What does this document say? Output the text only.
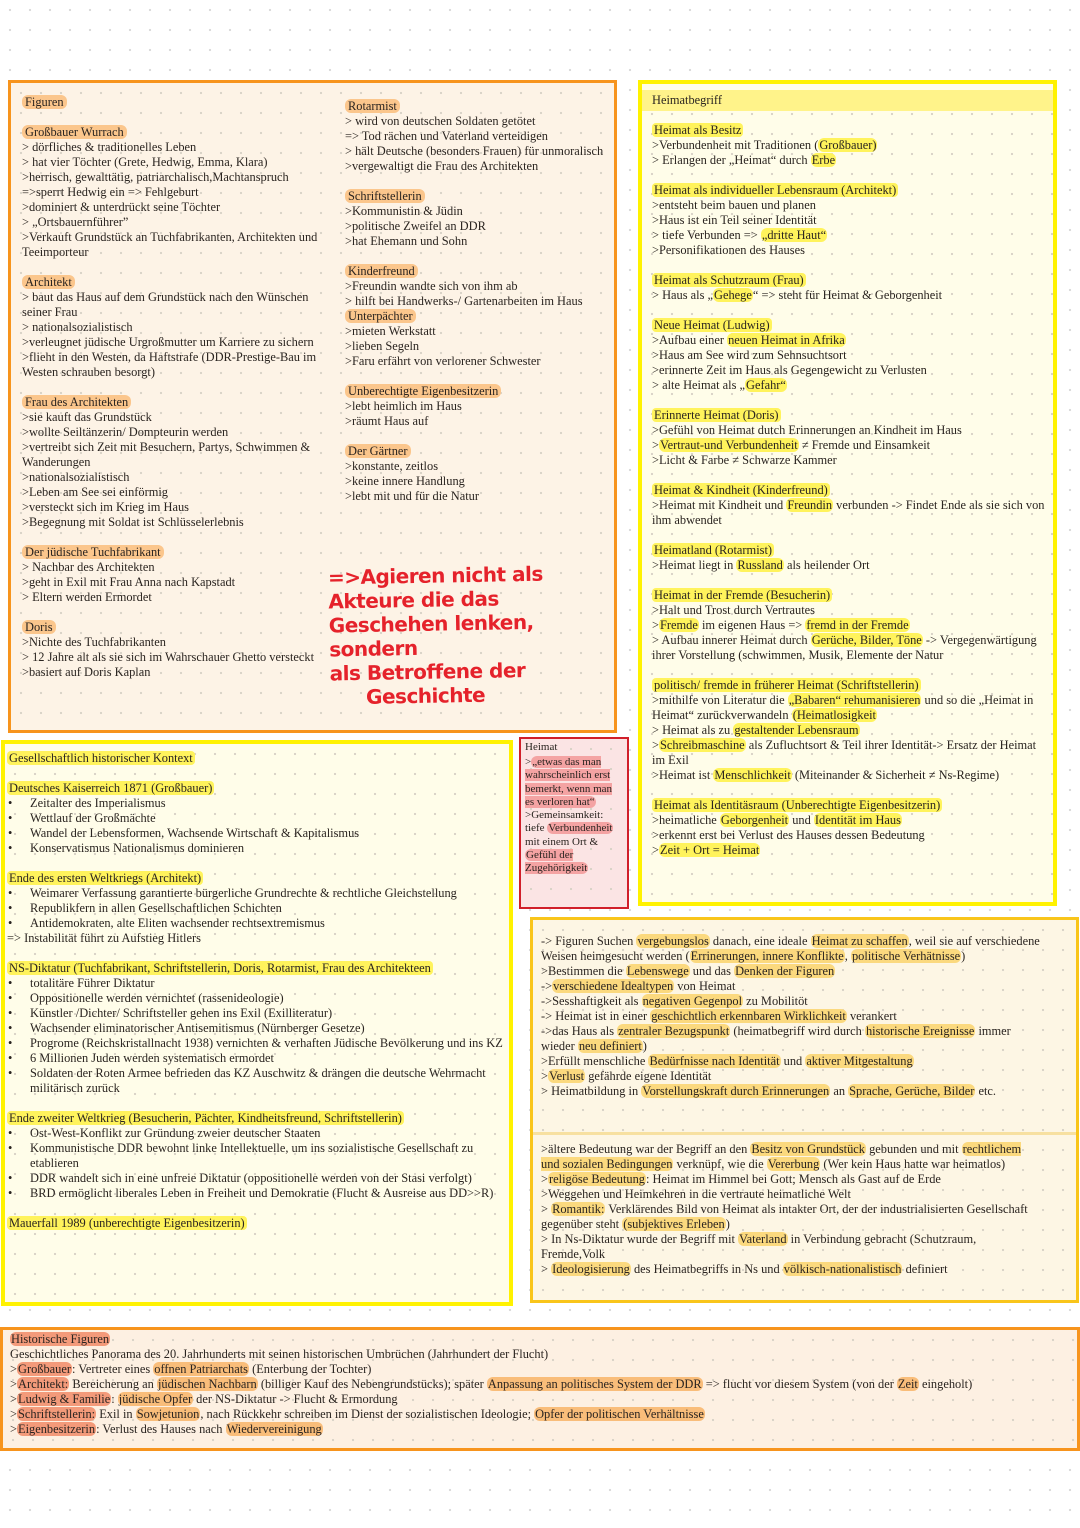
Figuren
Großbauer Wurrach
> dörfliches & traditionelles Leben
> hat vier Töchter (Grete, Hedwig, Emma, Klara)
>herrisch, gewalttätig, patriarchalisch,Machtanspruch
=>sperrt Hedwig ein => Fehlgeburt
>dominiert & unterdrückt seine Töchter
> „Ortsbauernführer”
>Verkauft Grundstück an Tuchfabrikanten, Architekten und Teeimporteur
Architekt
> baut das Haus auf dem Grundstück nach den Wünschen seiner Frau
> nationalsozialistisch
>verleugnet jüdische Urgroßmutter um Karriere zu sichern
>flieht in den Westen, da Haftstrafe (DDR-Prestige-Bau im Westen schrauben besorgt)
Frau des Architekten
>sie kauft das Grundstück
>wollte Seiltänzerin/ Dompteurin werden
>vertreibt sich Zeit mit Besuchern, Partys, Schwimmen & Wanderungen
>nationalsozialistisch
>Leben am See sei einförmig
>versteckt sich im Krieg im Haus
>Begegnung mit Soldat ist Schlüsselerlebnis
Der jüdische Tuchfabrikant
> Nachbar des Architekten
>geht in Exil mit Frau Anna nach Kapstadt
> Eltern werden Ermordet
Doris
>Nichte des Tuchfabrikanten
> 12 Jahre alt als sie sich im Wahrschauer Ghetto versteckt
>basiert auf Doris Kaplan
Rotarmist
> wird von deutschen Soldaten getötet
=> Tod rächen und Vaterland verteidigen
> hält Deutsche (besonders Frauen) für unmoralisch
>vergewaltigt die Frau des Architekten
Schriftstellerin
>Kommunistin & Jüdin
>politische Zweifel an DDR
>hat Ehemann und Sohn
Kinderfreund
>Freundin wandte sich von ihm ab
> hilft bei Handwerks-/ Gartenarbeiten im Haus
Unterpächter
>mieten Werkstatt
>lieben Segeln
>Faru erfährt von verlorener Schwester
Unberechtigte Eigenbesitzerin
>lebt heimlich im Haus
>räumt Haus auf
Der Gärtner
>konstante, zeitlos
>keine innere Handlung
>lebt mit und für die Natur
=>Agieren nicht als
Akteure die das
Geschehen lenken, sondern
als Betroffene der
Geschichte
Heimatbegriff
Heimat als Besitz
>Verbundenheit mit Traditionen (Großbauer)
> Erlangen der „Heimat“ durch Erbe
Heimat als individueller Lebensraum (Architekt)
>entsteht beim bauen und planen
>Haus ist ein Teil seiner Identität
> tiefe Verbunden => „dritte Haut“
>Personifikationen des Hauses
Heimat als Schutzraum (Frau)
> Haus als „Gehege“ => steht für Heimat & Geborgenheit
Neue Heimat (Ludwig)
>Aufbau einer neuen Heimat in Afrika
>Haus am See wird zum Sehnsuchtsort
>erinnerte Zeit im Haus als Gegengewicht zu Verlusten
> alte Heimat als „Gefahr“
Erinnerte Heimat (Doris)
>Gefühl von Heimat dutch Erinnerungen an Kindheit im Haus
>Vertraut-und Verbundenheit ≠ Fremde und Einsamkeit
>Licht & Farbe ≠ Schwarze Kammer
Heimat & Kindheit (Kinderfreund)
>Heimat mit Kindheit und Freundin verbunden -> Findet Ende als sie sich von ihm abwendet
Heimatland (Rotarmist)
>Heimat liegt in Russland als heilender Ort
Heimat in der Fremde (Besucherin)
>Halt und Trost durch Vertrautes
>Fremde im eigenen Haus => fremd in der Fremde
> Aufbau innerer Heimat durch Gerüche, Bilder, Töne -> Vergegenwärtigung ihrer Vorstellung (schwimmen, Musik, Elemente der Natur
politisch/ fremde in früherer Heimat (Schriftstellerin)
>mithilfe von Literatur die „Babaren“ rehumanisieren und so die „Heimat in Heimat“ zurückverwandeln (Heimatlosigkeit
> Heimat als zu gestaltender Lebensraum
>Schreibmaschine als Zufluchtsort & Teil ihrer Identität-> Ersatz der Heimat im Exil
>Heimat ist Menschlichkeit (Miteinander & Sicherheit ≠ Ns-Regime)
Heimat als Identitäsraum (Unberechtigte Eigenbesitzerin)
>heimatliche Geborgenheit und Identität im Haus
>erkennt erst bei Verlust des Hauses dessen Bedeutung
>Zeit + Ort = Heimat
Gesellschaftlich historischer Kontext
Deutsches Kaiserreich 1871 (Großbauer)
•	Zeitalter des Imperialismus
•	Wettlauf der Großmächte
•	Wandel der Lebensformen, Wachsende Wirtschaft & Kapitalismus
•	Konservatismus Nationalismus dominieren
Ende des ersten Weltkriegs (Architekt)
•	Weimarer Verfassung garantierte bürgerliche Grundrechte & rechtliche Gleichstellung
•	Republikfern in allen Gesellschaftlichen Schichten
•	Antidemokraten, alte Eliten wachsender rechtsextremismus
=> Instabilität führt zu Aufstieg Hitlers
NS-Diktatur (Tuchfabrikant, Schriftstellerin, Doris, Rotarmist, Frau des Architekteen
•	totalitäre Führer Diktatur
•	Oppositionelle werden vernichtet (rassenideologie)
•	Künstler /Dichter/ Schriftsteller gehen ins Exil (Exilliteratur)
•	Wachsender eliminatorischer Antisemitismus (Nürnberger Gesetze)
•	Progrome (Reichskristallnacht 1938) vernichten & verhaften Jüdische Bevölkerung und ins KZ
•	6 Millionen Juden werden systematisch ermordet
•	Soldaten der Roten Armee befrieden das KZ Auschwitz & drängen die deutsche Wehrmacht militärisch zurück
Ende zweiter Weltkrieg (Besucherin, Pächter, Kindheitsfreund, Schriftstellerin)
•	Ost-West-Konflikt zur Gründung zweier deutscher Staaten
•	Kommunistische DDR bewohnt linke Intellektuelle, um ins sozialistische Gesellschaft zu etablieren
•	DDR wandelt sich in eine unfreie Diktatur (oppositionelle werden von der Stasi verfolgt)
•	BRD ermöglicht liberales Leben in Freiheit und Demokratie (Flucht & Ausreise aus DD>>R)
Mauerfall 1989 (unberechtigte Eigenbesitzerin)
Heimat
>„etwas das man wahrscheinlich erst bemerkt, wenn man es verloren hat“
>Gemeinsamkeit: tiefe Verbundenheit mit einem Ort & Gefühl der Zugehörigkeit
-> Figuren Suchen vergebungslos danach, eine ideale Heimat zu schaffen, weil sie auf verschiedene Weisen heimgesucht werden (Errinerungen, innere Konflikte, politische Verhätnisse)
>Bestimmen die Lebenswege und das Denken der Figuren
->verschiedene Idealtypen von Heimat
->Sesshaftigkeit als negativen Gegenpol zu Mobilitöt
-> Heimat ist in einer geschichtlich erkennbaren Wirklichkeit verankert
->das Haus als zentraler Bezugspunkt (heimatbegriff wird durch historische Ereignisse immer wieder neu definiert)
>Erfüllt menschliche Bedürfnisse nach Identität und aktiver Mitgestaltung
>Verlust gefährde eigene Identität
> Heimatbildung in Vorstellungskraft durch Erinnerungen an Sprache, Gerüche, Bilder etc.
>ältere Bedeutung war der Begriff an den Besitz von Grundstück gebunden und mit rechtlichem und sozialen Bedingungen verknüpf, wie die Vererbung (Wer kein Haus hatte war heimatlos)
>religöse Bedeutung: Heimat im Himmel bei Gott; Mensch als Gast auf de Erde
>Weggehen und Heimkehren in die vertraute heimatliche Welt
> Romantik: Verklärendes Bild von Heimat als intakter Ort, der der industrialisierten Gesellschaft gegenüber steht (subjektives Erleben)
> In Ns-Diktatur wurde der Begriff mit Vaterland in Verbindung gebracht (Schutzraum, Fremde,Volk
> Ideologisierung des Heimatbegriffs in Ns und völkisch-nationalistisch definiert
Historische Figuren
Geschichtliches Panorama des 20. Jahrhunderts mit seinen historischen Umbrüchen (Jahrhundert der Flucht)
>Großbauer: Vertreter eines offnen Patriarchats (Enterbung der Tochter)
>Architekt: Bereicherung an jüdischen Nachbarn (billiger Kauf des Nebengrundstücks); später Anpassung an politisches System der DDR => flucht vor diesem System (von der Zeit eingeholt)
>Ludwig & Familie: jüdische Opfer der NS-Diktatur -> Flucht & Ermordung
>Schriftstellerin: Exil in Sowjetunion, nach Rückkehr schreiben im Dienst der sozialistischen Ideologie; Opfer der politischen Verhältnisse
>Eigenbesitzerin: Verlust des Hauses nach Wiedervereinigung
